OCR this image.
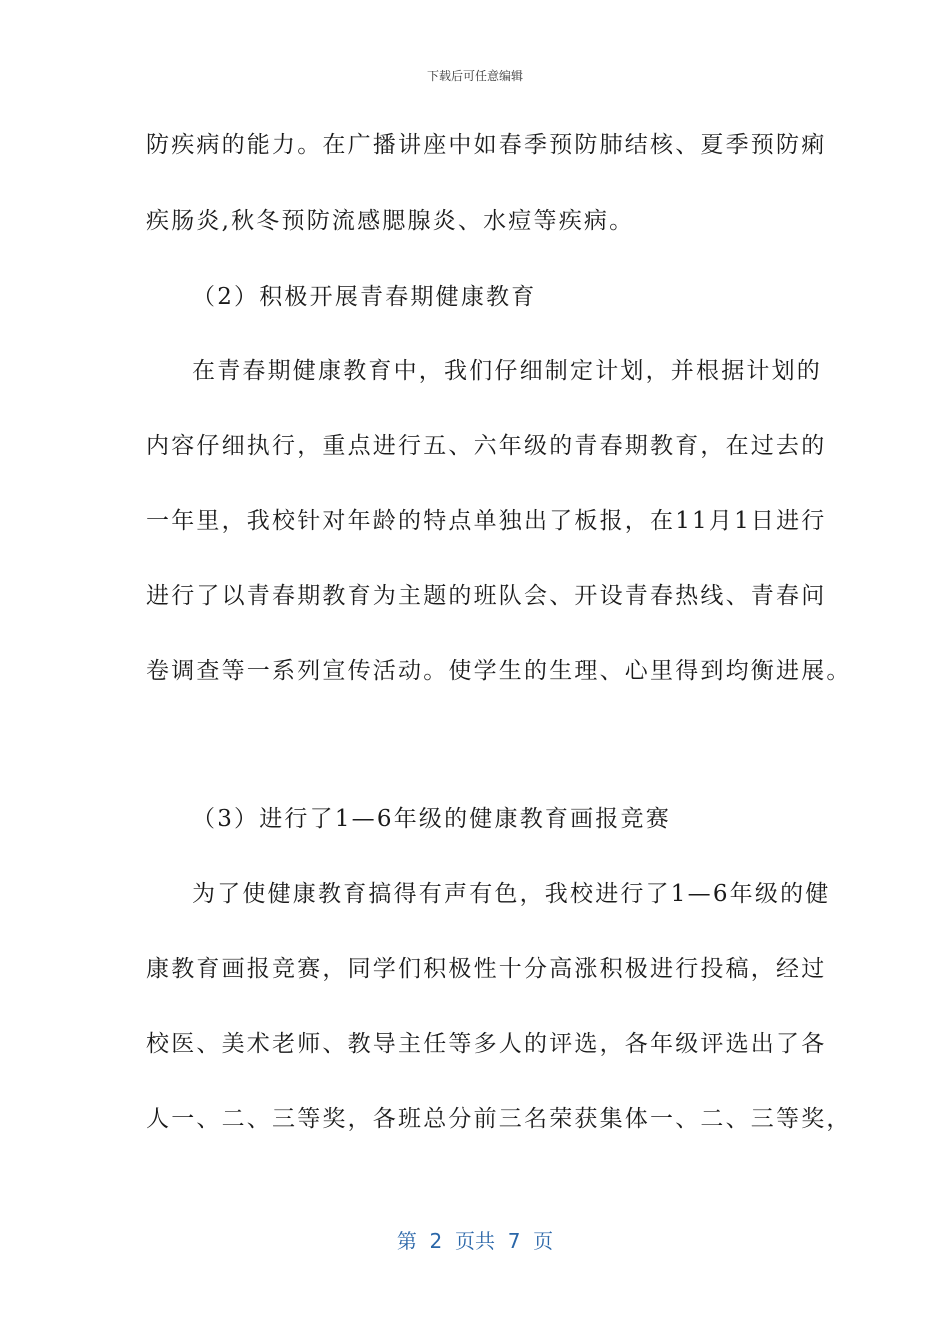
下载后可任意编辑
防疾病的能力。在广播讲座中如春季预防肺结核、夏季预防痢
疾肠炎,秋冬预防流感腮腺炎、水痘等疾病。
（2）积极开展青春期健康教育
在青春期健康教育中，我们仔细制定计划，并根据计划的
内容仔细执行，重点进行五、六年级的青春期教育，在过去的
一年里，我校针对年龄的特点单独出了板报，在11月1日进行
进行了以青春期教育为主题的班队会、开设青春热线、青春问
卷调查等一系列宣传活动。使学生的生理、心里得到均衡进展。
（3）进行了1—6年级的健康教育画报竞赛
为了使健康教育搞得有声有色，我校进行了1—6年级的健
康教育画报竞赛，同学们积极性十分高涨积极进行投稿，经过
校医、美术老师、教导主任等多人的评选，各年级评选出了各
人一、二、三等奖，各班总分前三名荣获集体一、二、三等奖，
第  2  页共  7  页
